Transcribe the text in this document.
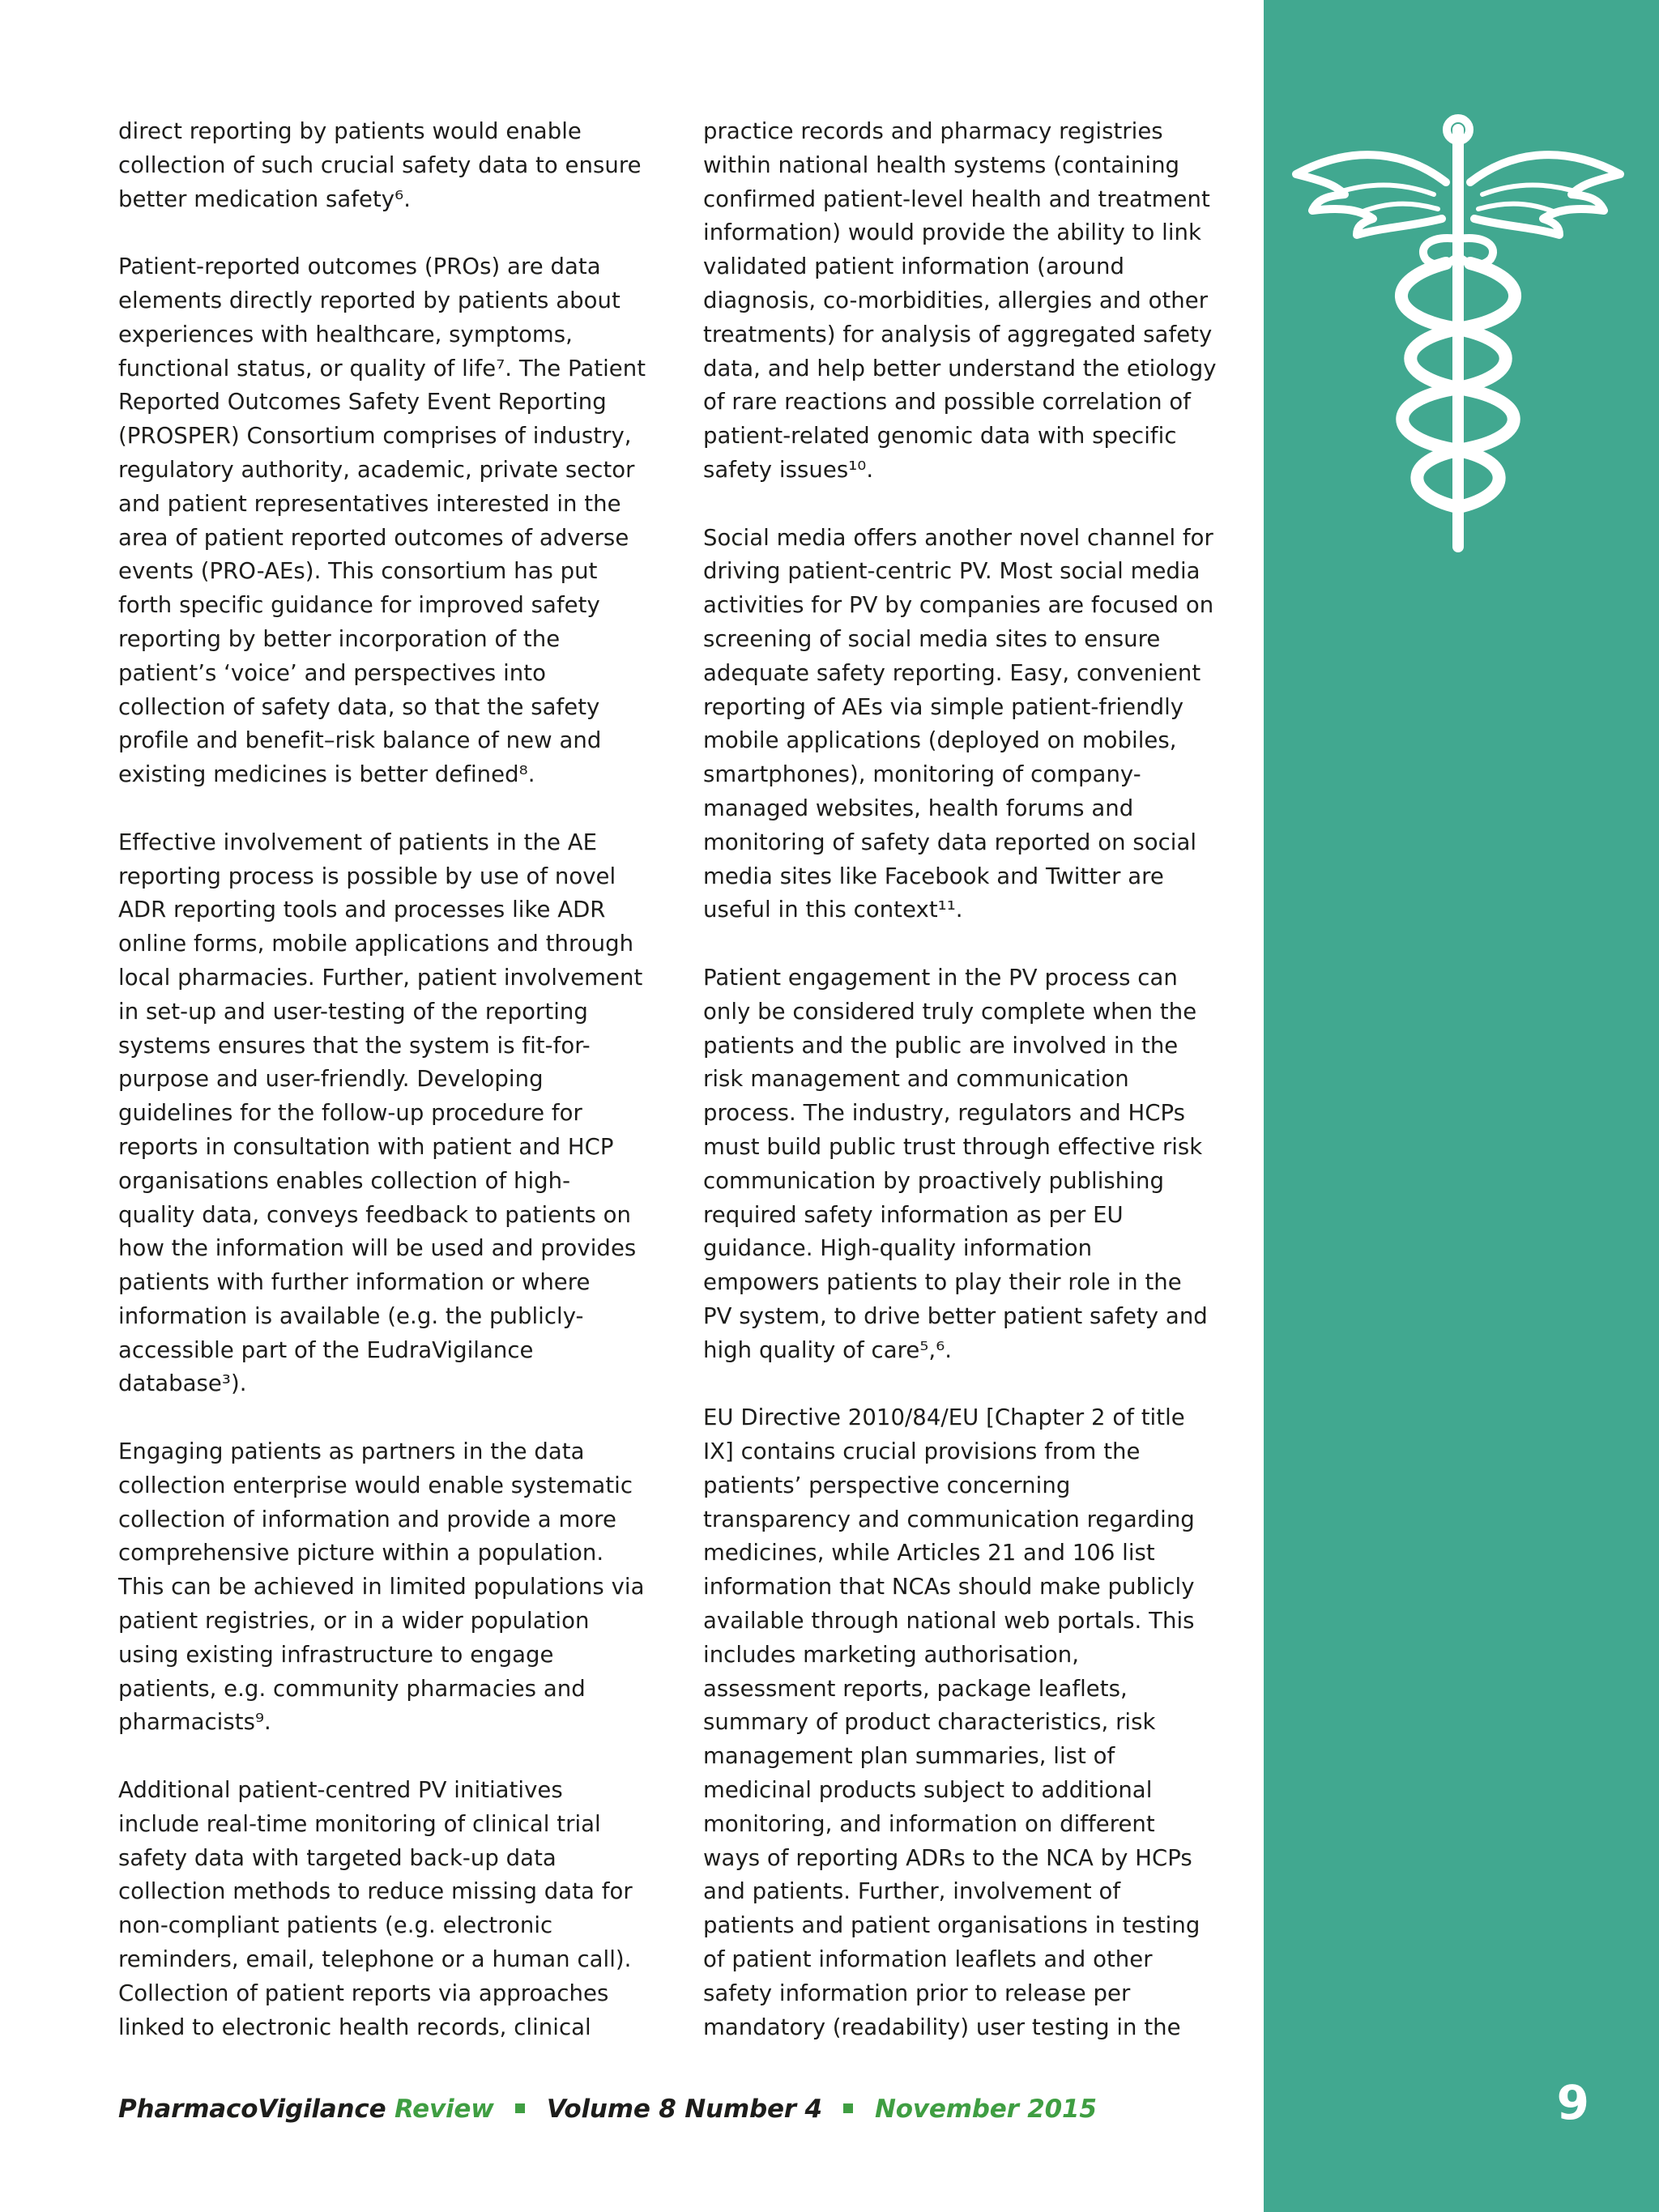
direct reporting by patients would enable
collection of such crucial safety data to ensure
better medication safety⁶.

Patient-reported outcomes (PROs) are data
elements directly reported by patients about
experiences with healthcare, symptoms,
functional status, or quality of life⁷. The Patient
Reported Outcomes Safety Event Reporting
(PROSPER) Consortium comprises of industry,
regulatory authority, academic, private sector
and patient representatives interested in the
area of patient reported outcomes of adverse
events (PRO-AEs). This consortium has put
forth specific guidance for improved safety
reporting by better incorporation of the
patient’s ‘voice’ and perspectives into
collection of safety data, so that the safety
profile and benefit–risk balance of new and
existing medicines is better defined⁸.

Effective involvement of patients in the AE
reporting process is possible by use of novel
ADR reporting tools and processes like ADR
online forms, mobile applications and through
local pharmacies. Further, patient involvement
in set-up and user-testing of the reporting
systems ensures that the system is fit-for-
purpose and user-friendly. Developing
guidelines for the follow-up procedure for
reports in consultation with patient and HCP
organisations enables collection of high-
quality data, conveys feedback to patients on
how the information will be used and provides
patients with further information or where
information is available (e.g. the publicly-
accessible part of the EudraVigilance
database³).

Engaging patients as partners in the data
collection enterprise would enable systematic
collection of information and provide a more
comprehensive picture within a population.
This can be achieved in limited populations via
patient registries, or in a wider population
using existing infrastructure to engage
patients, e.g. community pharmacies and
pharmacists⁹.

Additional patient-centred PV initiatives
include real-time monitoring of clinical trial
safety data with targeted back-up data
collection methods to reduce missing data for
non-compliant patients (e.g. electronic
reminders, email, telephone or a human call).
Collection of patient reports via approaches
linked to electronic health records, clinical

practice records and pharmacy registries
within national health systems (containing
confirmed patient-level health and treatment
information) would provide the ability to link
validated patient information (around
diagnosis, co-morbidities, allergies and other
treatments) for analysis of aggregated safety
data, and help better understand the etiology
of rare reactions and possible correlation of
patient-related genomic data with specific
safety issues¹⁰.

Social media offers another novel channel for
driving patient-centric PV. Most social media
activities for PV by companies are focused on
screening of social media sites to ensure
adequate safety reporting. Easy, convenient
reporting of AEs via simple patient-friendly
mobile applications (deployed on mobiles,
smartphones), monitoring of company-
managed websites, health forums and
monitoring of safety data reported on social
media sites like Facebook and Twitter are
useful in this context¹¹.

Patient engagement in the PV process can
only be considered truly complete when the
patients and the public are involved in the
risk management and communication
process. The industry, regulators and HCPs
must build public trust through effective risk
communication by proactively publishing
required safety information as per EU
guidance. High-quality information
empowers patients to play their role in the
PV system, to drive better patient safety and
high quality of care⁵,⁶.

EU Directive 2010/84/EU [Chapter 2 of title
IX] contains crucial provisions from the
patients’ perspective concerning
transparency and communication regarding
medicines, while Articles 21 and 106 list
information that NCAs should make publicly
available through national web portals. This
includes marketing authorisation,
assessment reports, package leaflets,
summary of product characteristics, risk
management plan summaries, list of
medicinal products subject to additional
monitoring, and information on different
ways of reporting ADRs to the NCA by HCPs
and patients. Further, involvement of
patients and patient organisations in testing
of patient information leaflets and other
safety information prior to release per
mandatory (readability) user testing in the

PharmacoVigilance Review Volume 8 Number 4 November 2015	9
